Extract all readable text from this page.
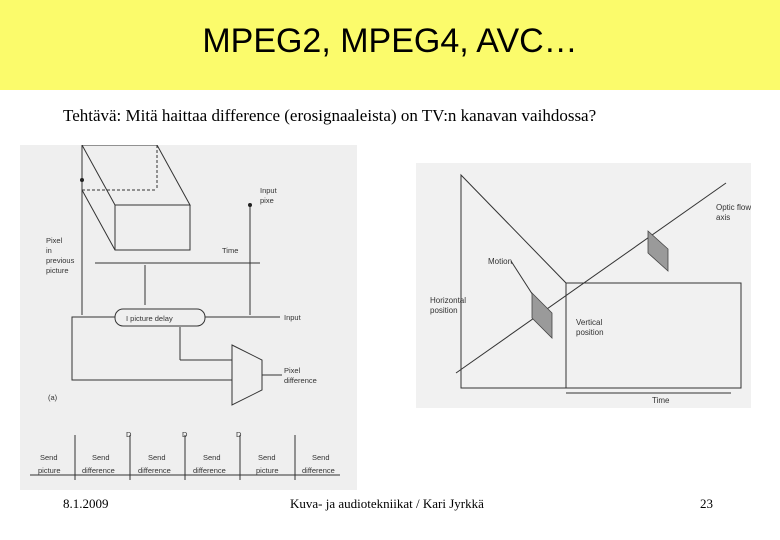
MPEG2, MPEG4, AVC…
Tehtävä: Mitä haittaa difference (erosignaaleista) on TV:n kanavan vaihdossa?
Input
pixe
Pixel
in
previous
picture
Time
I picture delay	Input
Pixel
difference
(a)
D	D	D
Send
picture
Send
difference
Send
difference
Send
difference
Send
picture
Send
difference
Optic flow
axis
Motion
Horizontal
position
Vertical
position
Time
8.1.2009	Kuva- ja audiotekniikat / Kari Jyrkkä	23
